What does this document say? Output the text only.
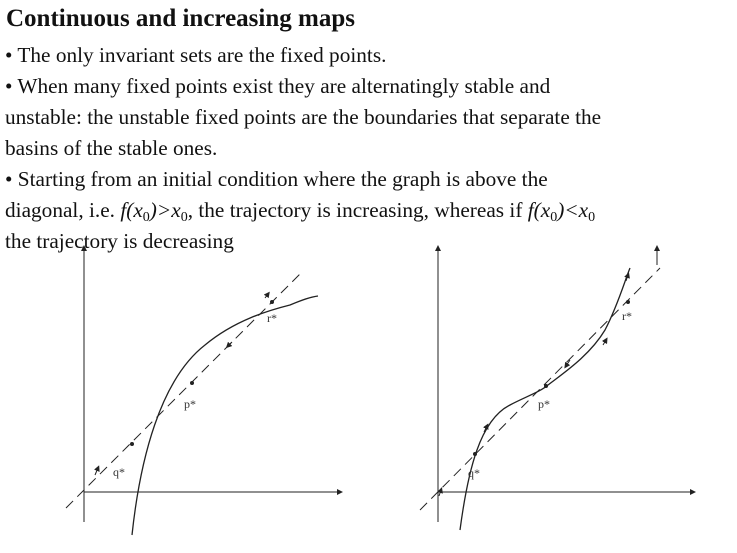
Continuous and increasing maps
• The only invariant sets are the fixed points.
• When many fixed points exist they are alternatingly stable and
unstable: the unstable fixed points are the boundaries that separate the
basins of the stable ones.
• Starting from an initial condition where the graph is above the
diagonal, i.e. $f(x_0)>x_0$, the trajectory is increasing, whereas if $f(x_0)<x_0$
the trajectory is decreasing
q*
p*
r*
q*
p*
r*
